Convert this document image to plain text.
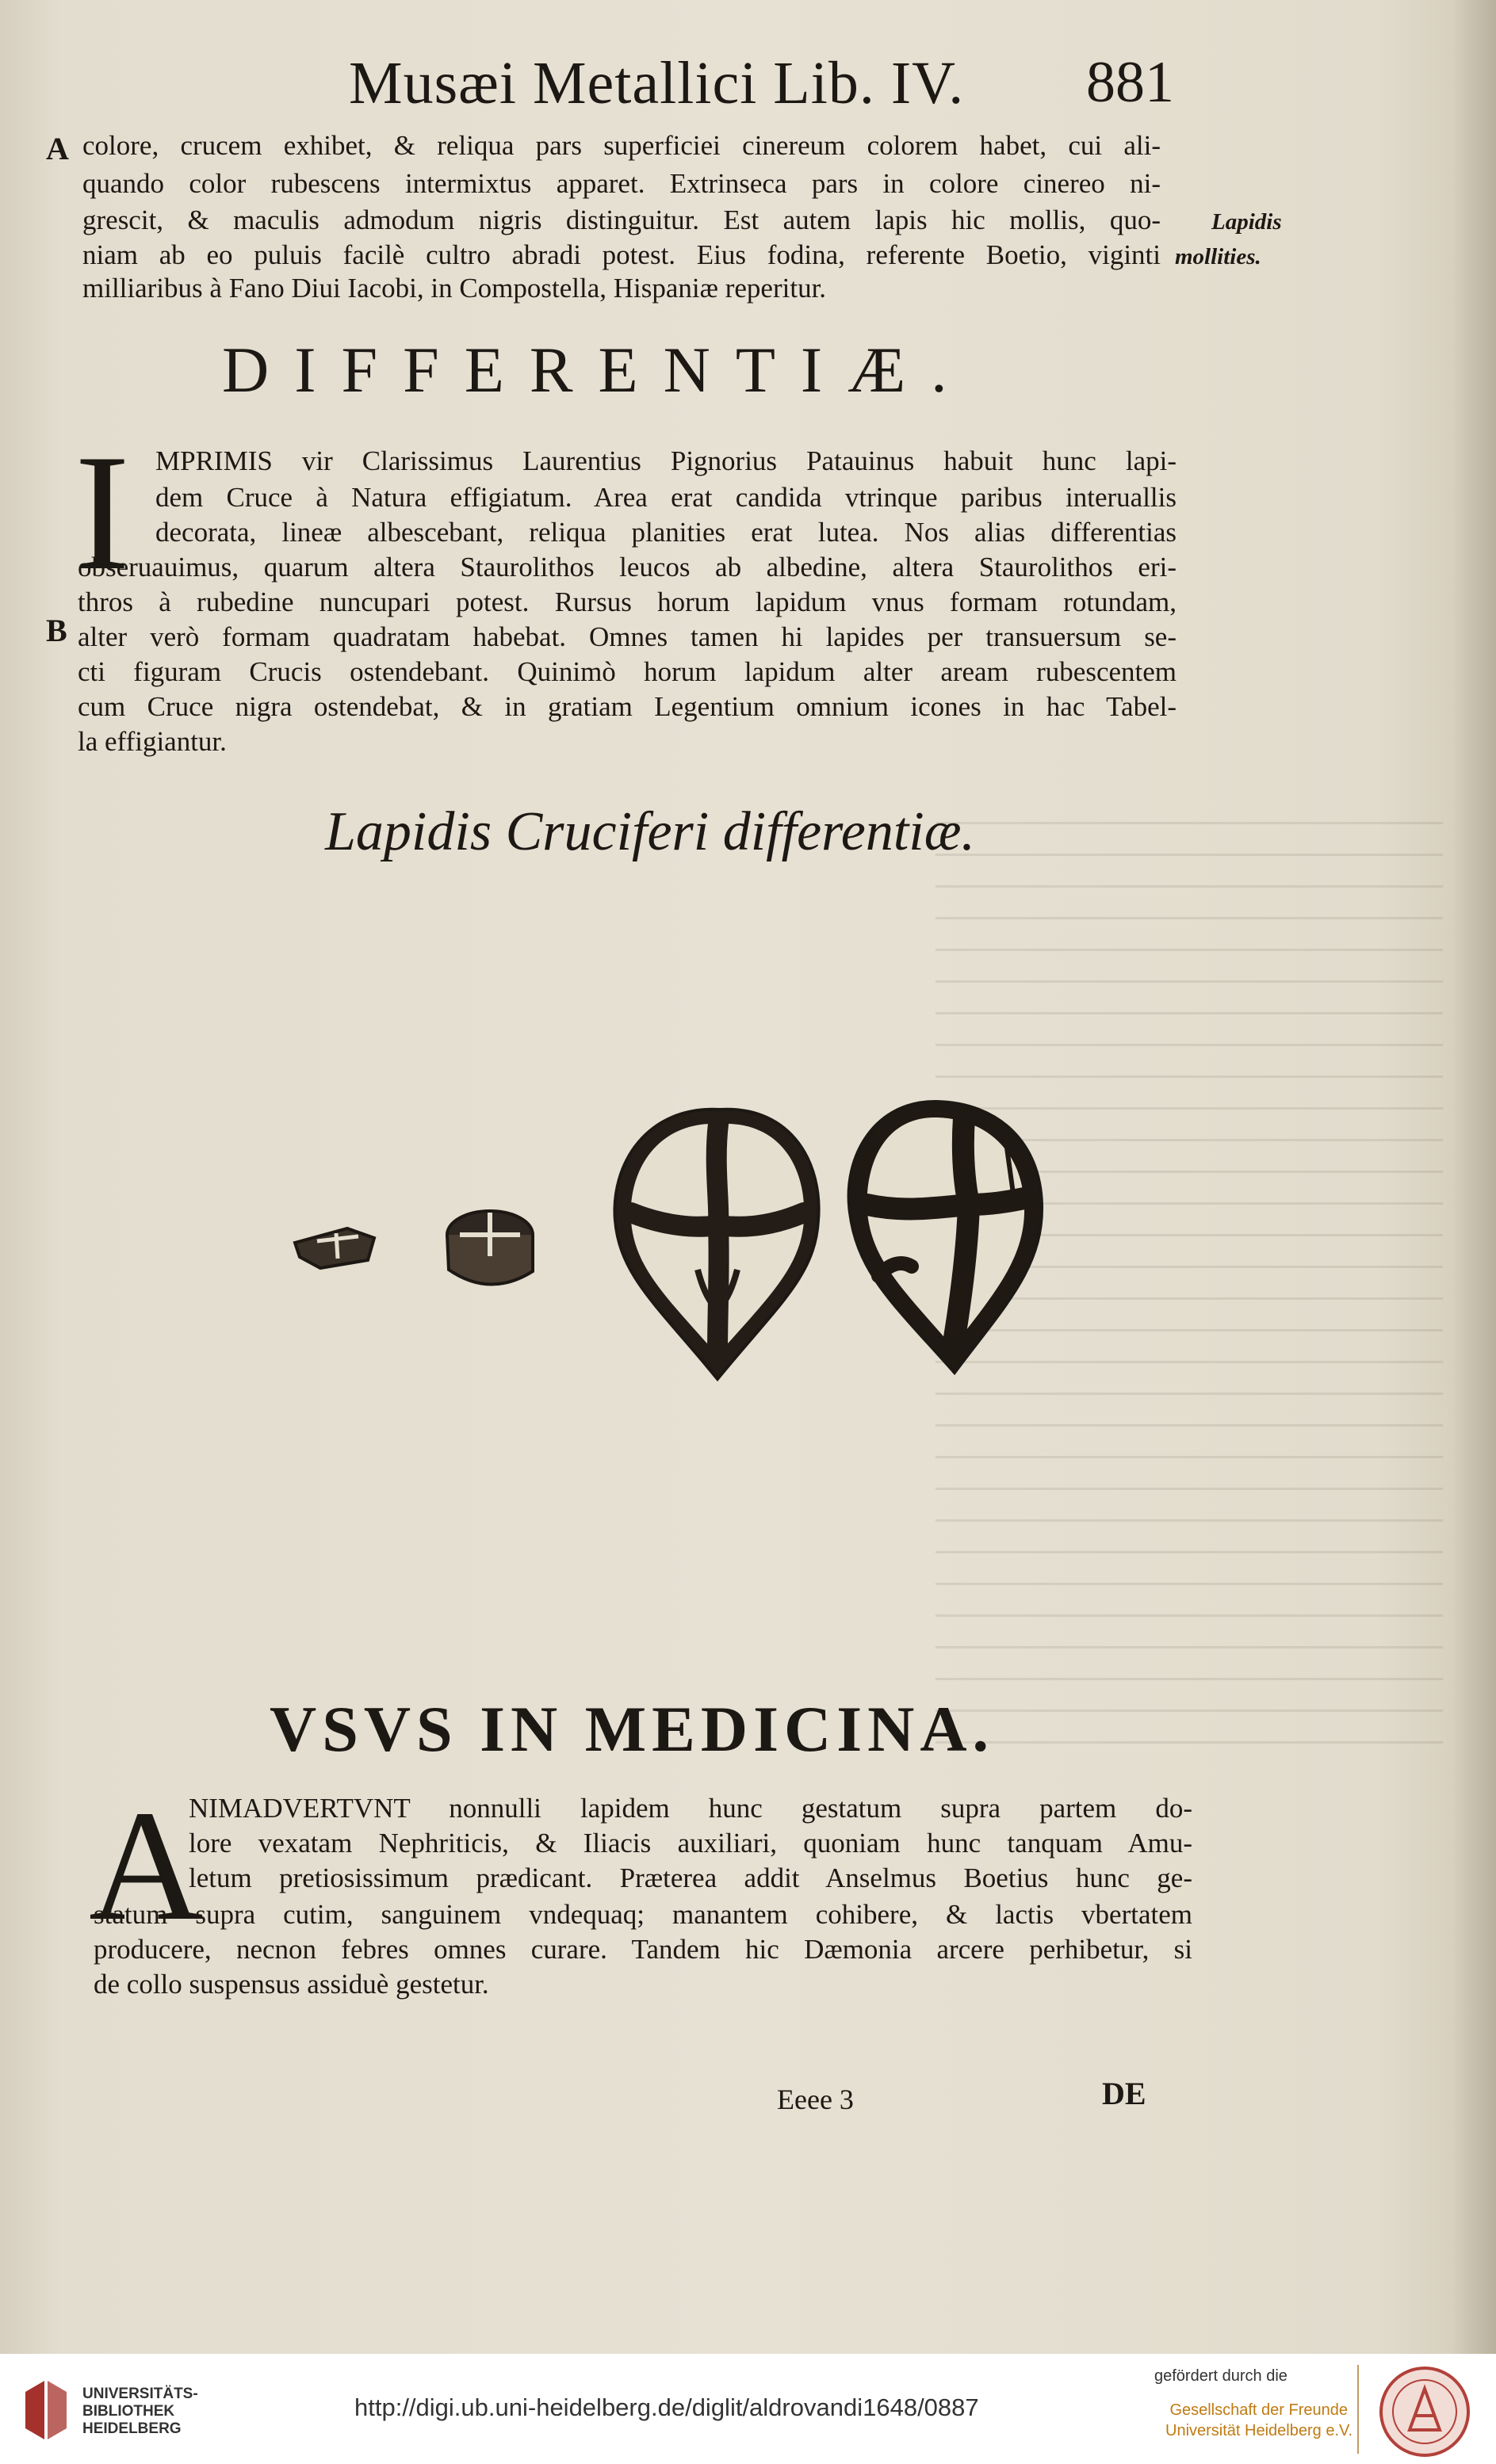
Musæi Metallici Lib. IV. 881
A colore, crucem exhibet, & reliqua pars superficiei cinereum colorem habet, cui ali-
quando color rubescens intermixtus apparet. Extrinseca pars in colore cinereo ni-
grescit, & maculis admodum nigris distinguitur. Est autem lapis hic mollis, quo-
niam ab eo puluis facilè cultro abradi potest. Eius fodina, referente Boetio, viginti
milliaribus à Fano Diui Iacobi, in Compostella, Hispaniæ reperitur.
Lapidis
mollities.
DIFFERENTIÆ.
I MPRIMIS vir Clarissimus Laurentius Pignorius Patauinus habuit hunc lapi-
dem Cruce à Natura effigiatum. Area erat candida vtrinque paribus interuallis
decorata, lineæ albescebant, reliqua planities erat lutea. Nos alias differentias
obseruauimus, quarum altera Staurolithos leucos ab albedine, altera Staurolithos eri-
thros à rubedine nuncupari potest. Rursus horum lapidum vnus formam rotundam,
B alter verò formam quadratam habebat. Omnes tamen hi lapides per transuersum se-
cti figuram Crucis ostendebant. Quinimò horum lapidum alter aream rubescentem
cum Cruce nigra ostendebat, & in gratiam Legentium omnium icones in hac Tabel-
la effigiantur.
Lapidis Cruciferi differentiæ.
VSVS IN MEDICINA.
A
NIMADVERTVNT nonnulli lapidem hunc gestatum supra partem do-
lore vexatam Nephriticis, & Iliacis auxiliari, quoniam hunc tanquam Amu-
letum pretiosissimum prædicant. Præterea addit Anselmus Boetius hunc ge-
statum supra cutim, sanguinem vndequaq; manantem cohibere, & lactis vbertatem
producere, necnon febres omnes curare. Tandem hic Dæmonia arcere perhibetur, si
de collo suspensus assiduè gestetur.
Eeee 3	DE
UNIVERSITÄTS-
BIBLIOTHEK
HEIDELBERG
http://digi.ub.uni-heidelberg.de/diglit/aldrovandi1648/0887
gefördert durch die
Gesellschaft der Freunde
Universität Heidelberg e.V.
